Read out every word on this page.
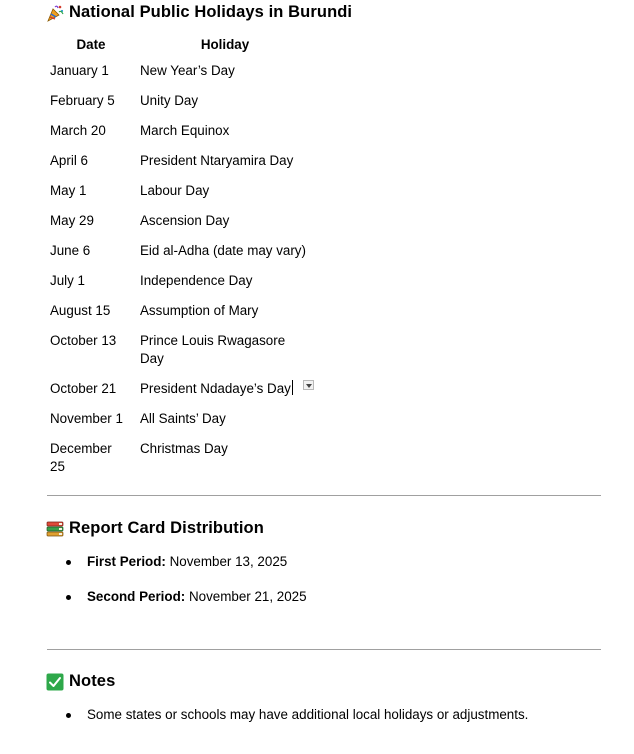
National Public Holidays in Burundi
Date	Holiday
January 1	New Year’s Day
February 5	Unity Day
March 20	March Equinox
April 6	President Ntaryamira Day
May 1	Labour Day
May 29	Ascension Day
June 6	Eid al-Adha (date may vary)
July 1	Independence Day
August 15	Assumption of Mary
October 13	Prince Louis Rwagasore Day
October 21	President Ndadaye’s Day
November 1	All Saints’ Day
December 25	Christmas Day
Report Card Distribution
First Period: November 13, 2025
Second Period: November 21, 2025
Notes
Some states or schools may have additional local holidays or adjustments.
